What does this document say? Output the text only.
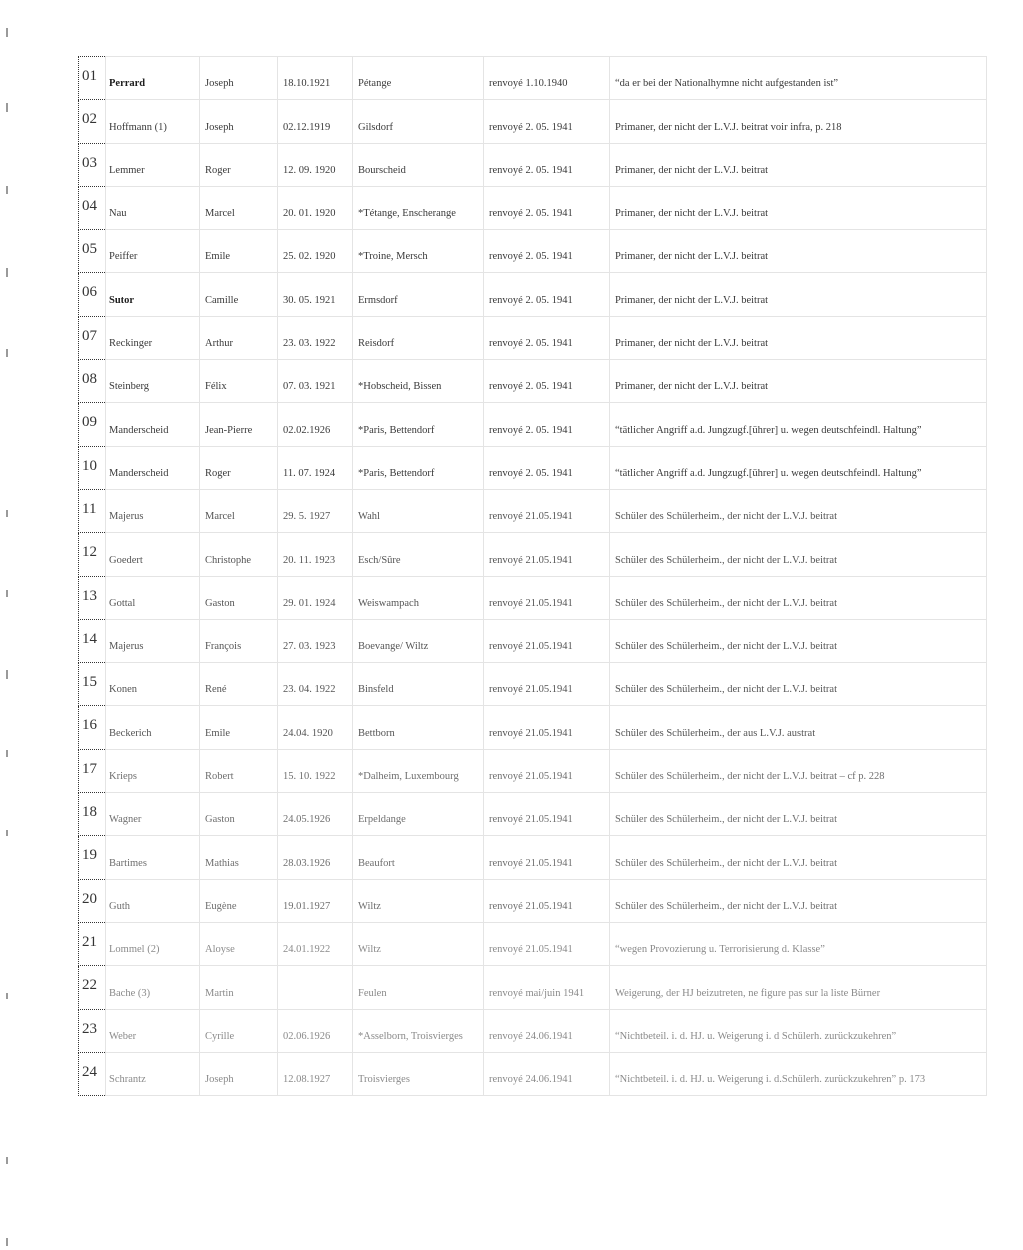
01	Perrard	Joseph	18.10.1921	Pétange	renvoyé 1.10.1940	“da er bei der Nationalhymne nicht aufgestanden ist”
02	Hoffmann (1)	Joseph	02.12.1919	Gilsdorf	renvoyé 2. 05. 1941	Primaner, der nicht der L.V.J. beitrat voir infra, p. 218
03	Lemmer	Roger	12. 09. 1920	Bourscheid	renvoyé 2. 05. 1941	Primaner, der nicht der L.V.J. beitrat
04	Nau	Marcel	20. 01. 1920	*Tétange, Enscherange	renvoyé 2. 05. 1941	Primaner, der nicht der L.V.J. beitrat
05	Peiffer	Emile	25. 02. 1920	*Troine, Mersch	renvoyé 2. 05. 1941	Primaner, der nicht der L.V.J. beitrat
06	Sutor	Camille	30. 05. 1921	Ermsdorf	renvoyé 2. 05. 1941	Primaner, der nicht der L.V.J. beitrat
07	Reckinger	Arthur	23. 03. 1922	Reisdorf	renvoyé 2. 05. 1941	Primaner, der nicht der L.V.J. beitrat
08	Steinberg	Félix	07. 03. 1921	*Hobscheid, Bissen	renvoyé 2. 05. 1941	Primaner, der nicht der L.V.J. beitrat
09	Manderscheid	Jean-Pierre	02.02.1926	*Paris, Bettendorf	renvoyé 2. 05. 1941	“tätlicher Angriff a.d. Jungzugf.[ührer] u. wegen deutschfeindl. Haltung”
10	Manderscheid	Roger	11. 07. 1924	*Paris, Bettendorf	renvoyé 2. 05. 1941	“tätlicher Angriff a.d. Jungzugf.[ührer] u. wegen deutschfeindl. Haltung”
11	Majerus	Marcel	29. 5. 1927	Wahl	renvoyé 21.05.1941	Schüler des Schülerheim., der nicht der L.V.J. beitrat
12	Goedert	Christophe	20. 11. 1923	Esch/Sûre	renvoyé 21.05.1941	Schüler des Schülerheim., der nicht der L.V.J. beitrat
13	Gottal	Gaston	29. 01. 1924	Weiswampach	renvoyé 21.05.1941	Schüler des Schülerheim., der nicht der L.V.J. beitrat
14	Majerus	François	27. 03. 1923	Boevange/ Wiltz	renvoyé 21.05.1941	Schüler des Schülerheim., der nicht der L.V.J. beitrat
15	Konen	René	23. 04. 1922	Binsfeld	renvoyé 21.05.1941	Schüler des Schülerheim., der nicht der L.V.J. beitrat
16	Beckerich	Emile	24.04. 1920	Bettborn	renvoyé 21.05.1941	Schüler des Schülerheim., der aus L.V.J. austrat
17	Krieps	Robert	15. 10. 1922	*Dalheim, Luxembourg	renvoyé 21.05.1941	Schüler des Schülerheim., der nicht der L.V.J. beitrat – cf p. 228
18	Wagner	Gaston	24.05.1926	Erpeldange	renvoyé 21.05.1941	Schüler des Schülerheim., der nicht der L.V.J. beitrat
19	Bartimes	Mathias	28.03.1926	Beaufort	renvoyé 21.05.1941	Schüler des Schülerheim., der nicht der L.V.J. beitrat
20	Guth	Eugène	19.01.1927	Wiltz	renvoyé 21.05.1941	Schüler des Schülerheim., der nicht der L.V.J. beitrat
21	Lommel (2)	Aloyse	24.01.1922	Wiltz	renvoyé 21.05.1941	“wegen Provozierung u. Terrorisierung d. Klasse”
22	Bache (3)	Martin		Feulen	renvoyé mai/juin 1941	Weigerung, der HJ beizutreten, ne figure pas sur la liste Bürner
23	Weber	Cyrille	02.06.1926	*Asselborn, Troisvierges	renvoyé 24.06.1941	“Nichtbeteil. i. d. HJ. u. Weigerung i. d Schülerh. zurückzukehren”
24	Schrantz	Joseph	12.08.1927	Troisvierges	renvoyé 24.06.1941	“Nichtbeteil. i. d. HJ. u. Weigerung i. d.Schülerh. zurückzukehren” p. 173
